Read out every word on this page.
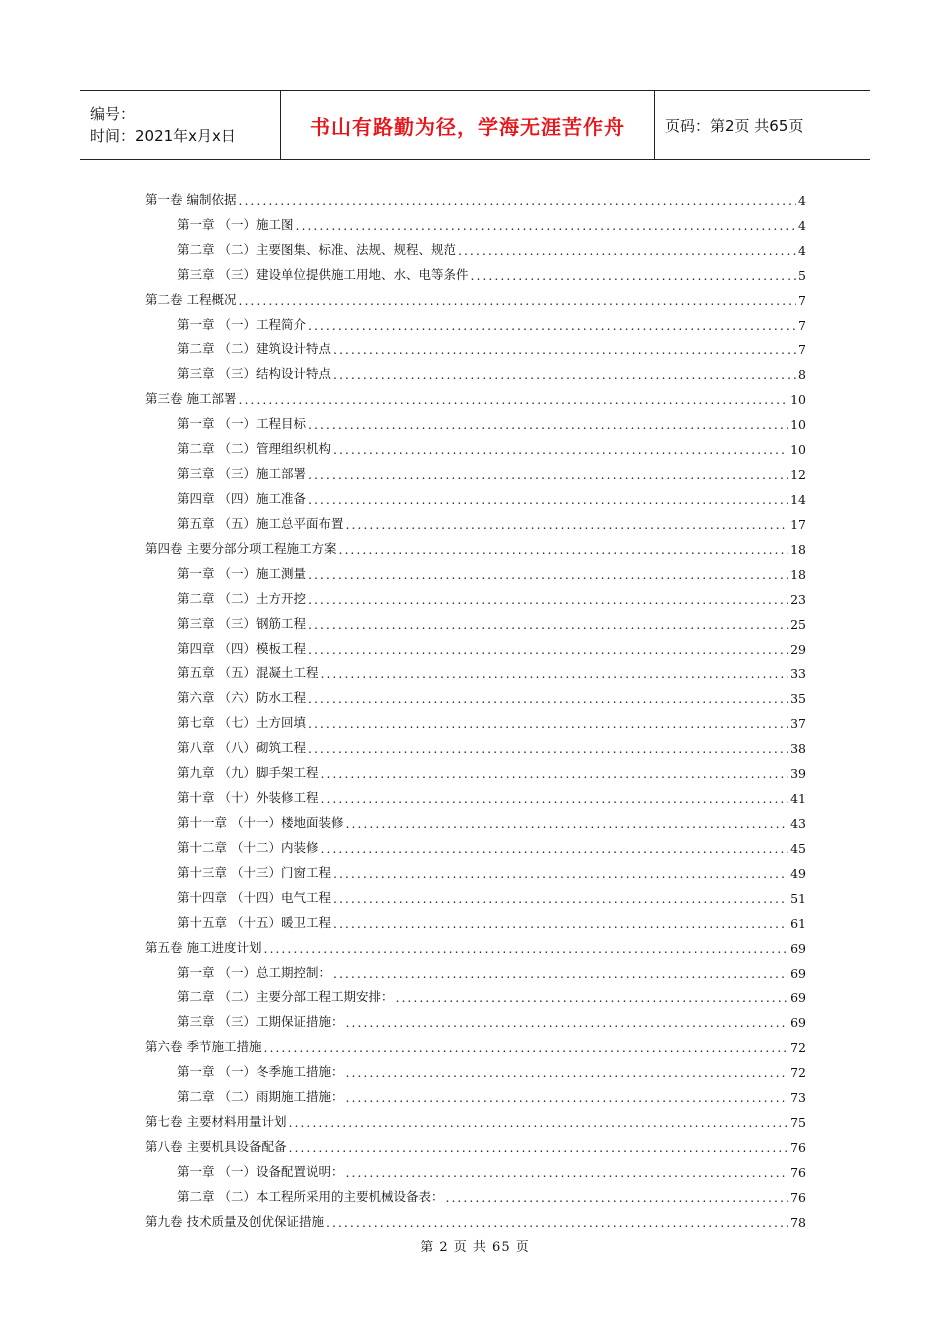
编号：
时间：2021年x月x日	书山有路勤为径，学海无涯苦作舟	页码：第2页 共65页
第一卷 编制依据 .....	4
第一章 （一）施工图 .....	4
第二章 （二）主要图集、标准、法规、规程、规范 .....	4
第三章 （三）建设单位提供施工用地、水、电等条件 .....	5
第二卷 工程概况 .....	7
第一章 （一）工程简介 .....	7
第二章 （二）建筑设计特点 .....	7
第三章 （三）结构设计特点 .....	8
第三卷 施工部署 .....	10
第一章 （一）工程目标 .....	10
第二章 （二）管理组织机构 .....	10
第三章 （三）施工部署 .....	12
第四章 （四）施工准备 .....	14
第五章 （五）施工总平面布置 .....	17
第四卷 主要分部分项工程施工方案 .....	18
第一章 （一）施工测量 .....	18
第二章 （二）土方开挖 .....	23
第三章 （三）钢筋工程 .....	25
第四章 （四）模板工程 .....	29
第五章 （五）混凝土工程 .....	33
第六章 （六）防水工程 .....	35
第七章 （七）土方回填 .....	37
第八章 （八）砌筑工程 .....	38
第九章 （九）脚手架工程 .....	39
第十章 （十）外装修工程 .....	41
第十一章 （十一）楼地面装修 .....	43
第十二章 （十二）内装修 .....	45
第十三章 （十三）门窗工程 .....	49
第十四章 （十四）电气工程 .....	51
第十五章 （十五）暖卫工程 .....	61
第五卷 施工进度计划 .....	69
第一章 （一）总工期控制： .....	69
第二章 （二）主要分部工程工期安排： .....	69
第三章 （三）工期保证措施： .....	69
第六卷 季节施工措施 .....	72
第一章 （一）冬季施工措施： .....	72
第二章 （二）雨期施工措施： .....	73
第七卷 主要材料用量计划 .....	75
第八卷 主要机具设备配备 .....	76
第一章 （一）设备配置说明： .....	76
第二章 （二）本工程所采用的主要机械设备表： .....	76
第九卷 技术质量及创优保证措施 .....	78
第 2 页 共 65 页
